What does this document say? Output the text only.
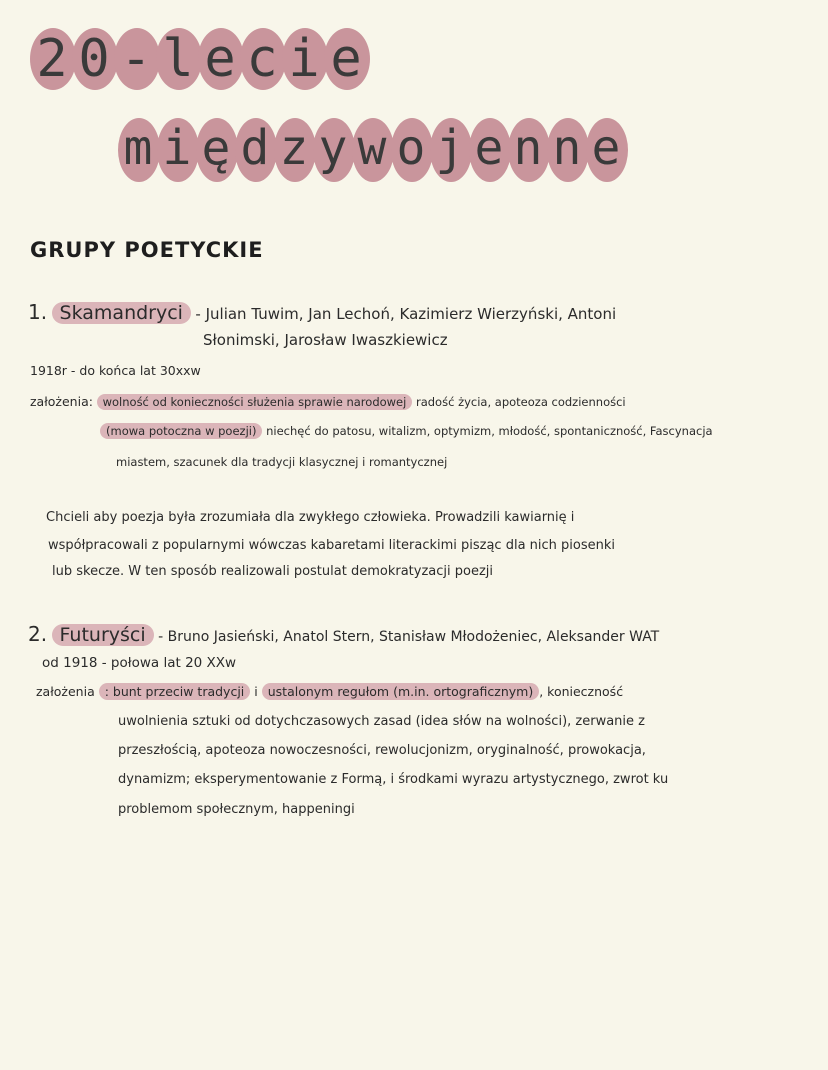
2 0 - l e c i e
m i ę d z y w o j e n n e
GRUPY POETYCKIE
1. Skamandryci - Julian Tuwim, Jan Lechoń, Kazimierz Wierzyński, Antoni
Słonimski, Jarosław Iwaszkiewicz
1918r - do końca lat 30xxw
założenia: wolność od konieczności służenia sprawie narodowej radość życia, apoteoza codzienności
(mowa potoczna w poezji) niechęć do patosu, witalizm, optymizm, młodość, spontaniczność, Fascynacja
miastem, szacunek dla tradycji klasycznej i romantycznej
Chcieli aby poezja była zrozumiała dla zwykłego człowieka. Prowadzili kawiarnię i
współpracowali z popularnymi wówczas kabaretami literackimi pisząc dla nich piosenki
lub skecze. W ten sposób realizowali postulat demokratyzacji poezji
2. Futuryści - Bruno Jasieński, Anatol Stern, Stanisław Młodożeniec, Aleksander WAT
od 1918 - połowa lat 20 XXw
założenia : bunt przeciw tradycji i ustalonym regułom (m.in. ortograficznym) , konieczność
uwolnienia sztuki od dotychczasowych zasad (idea słów na wolności), zerwanie z
przeszłością, apoteoza nowoczesności, rewolucjonizm, oryginalność, prowokacja,
dynamizm; eksperymentowanie z Formą, i środkami wyrazu artystycznego, zwrot ku
problemom społecznym, happeningi
